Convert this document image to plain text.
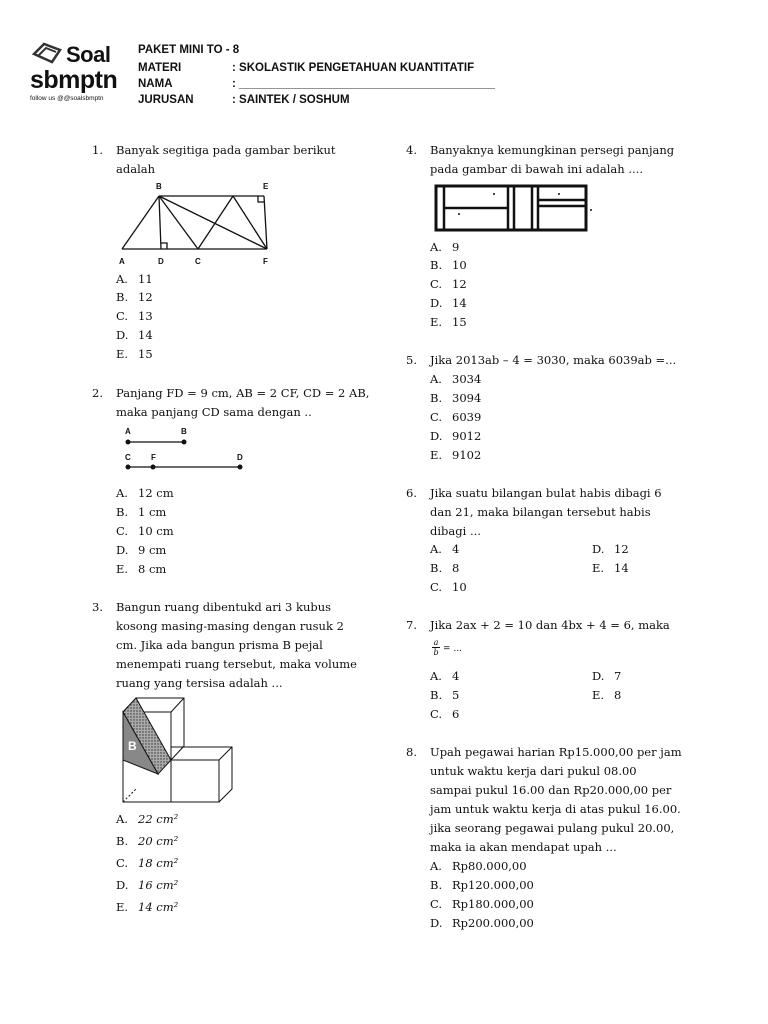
Soal
sbmptn
follow us @@soalsbmptn
PAKET MINI TO - 8
MATERI	: SKOLASTIK PENGETAHUAN KUANTITATIF
NAMA	: ________________________________________
JURUSAN	: SAINTEK / SOSHUM
1. Banyak segitiga pada gambar berikut
adalah
B	E
A	D	C	F
A. 11
B. 12
C. 13
D. 14
E. 15
2. Panjang FD = 9 cm, AB = 2 CF, CD = 2 AB,
maka panjang CD sama dengan ..
A	B
C	F	D
A. 12 cm
B. 1 cm
C. 10 cm
D. 9 cm
E. 8 cm
3. Bangun ruang dibentukd ari 3 kubus
kosong masing-masing dengan rusuk 2
cm. Jika ada bangun prisma B pejal
menempati ruang tersebut, maka volume
ruang yang tersisa adalah ...
B
A. 22 cm²
B. 20 cm²
C. 18 cm²
D. 16 cm²
E. 14 cm²
4. Banyaknya kemungkinan persegi panjang
pada gambar di bawah ini adalah ....
A. 9
B. 10
C. 12
D. 14
E. 15
5. Jika 2013ab – 4 = 3030, maka 6039ab =...
A. 3034
B. 3094
C. 6039
D. 9012
E. 9102
6. Jika suatu bilangan bulat habis dibagi 6
dan 21, maka bilangan tersebut habis
dibagi ...
A. 4	D. 12
B. 8	E. 14
C. 10
7. Jika 2ax + 2 = 10 dan 4bx + 4 = 6, maka
$\frac{a}{b}$ = ...
A. 4	D. 7
B. 5	E. 8
C. 6
8. Upah pegawai harian Rp15.000,00 per jam
untuk waktu kerja dari pukul 08.00
sampai pukul 16.00 dan Rp20.000,00 per
jam untuk waktu kerja di atas pukul 16.00.
jika seorang pegawai pulang pukul 20.00,
maka ia akan mendapat upah ...
A. Rp80.000,00
B. Rp120.000,00
C. Rp180.000,00
D. Rp200.000,00
